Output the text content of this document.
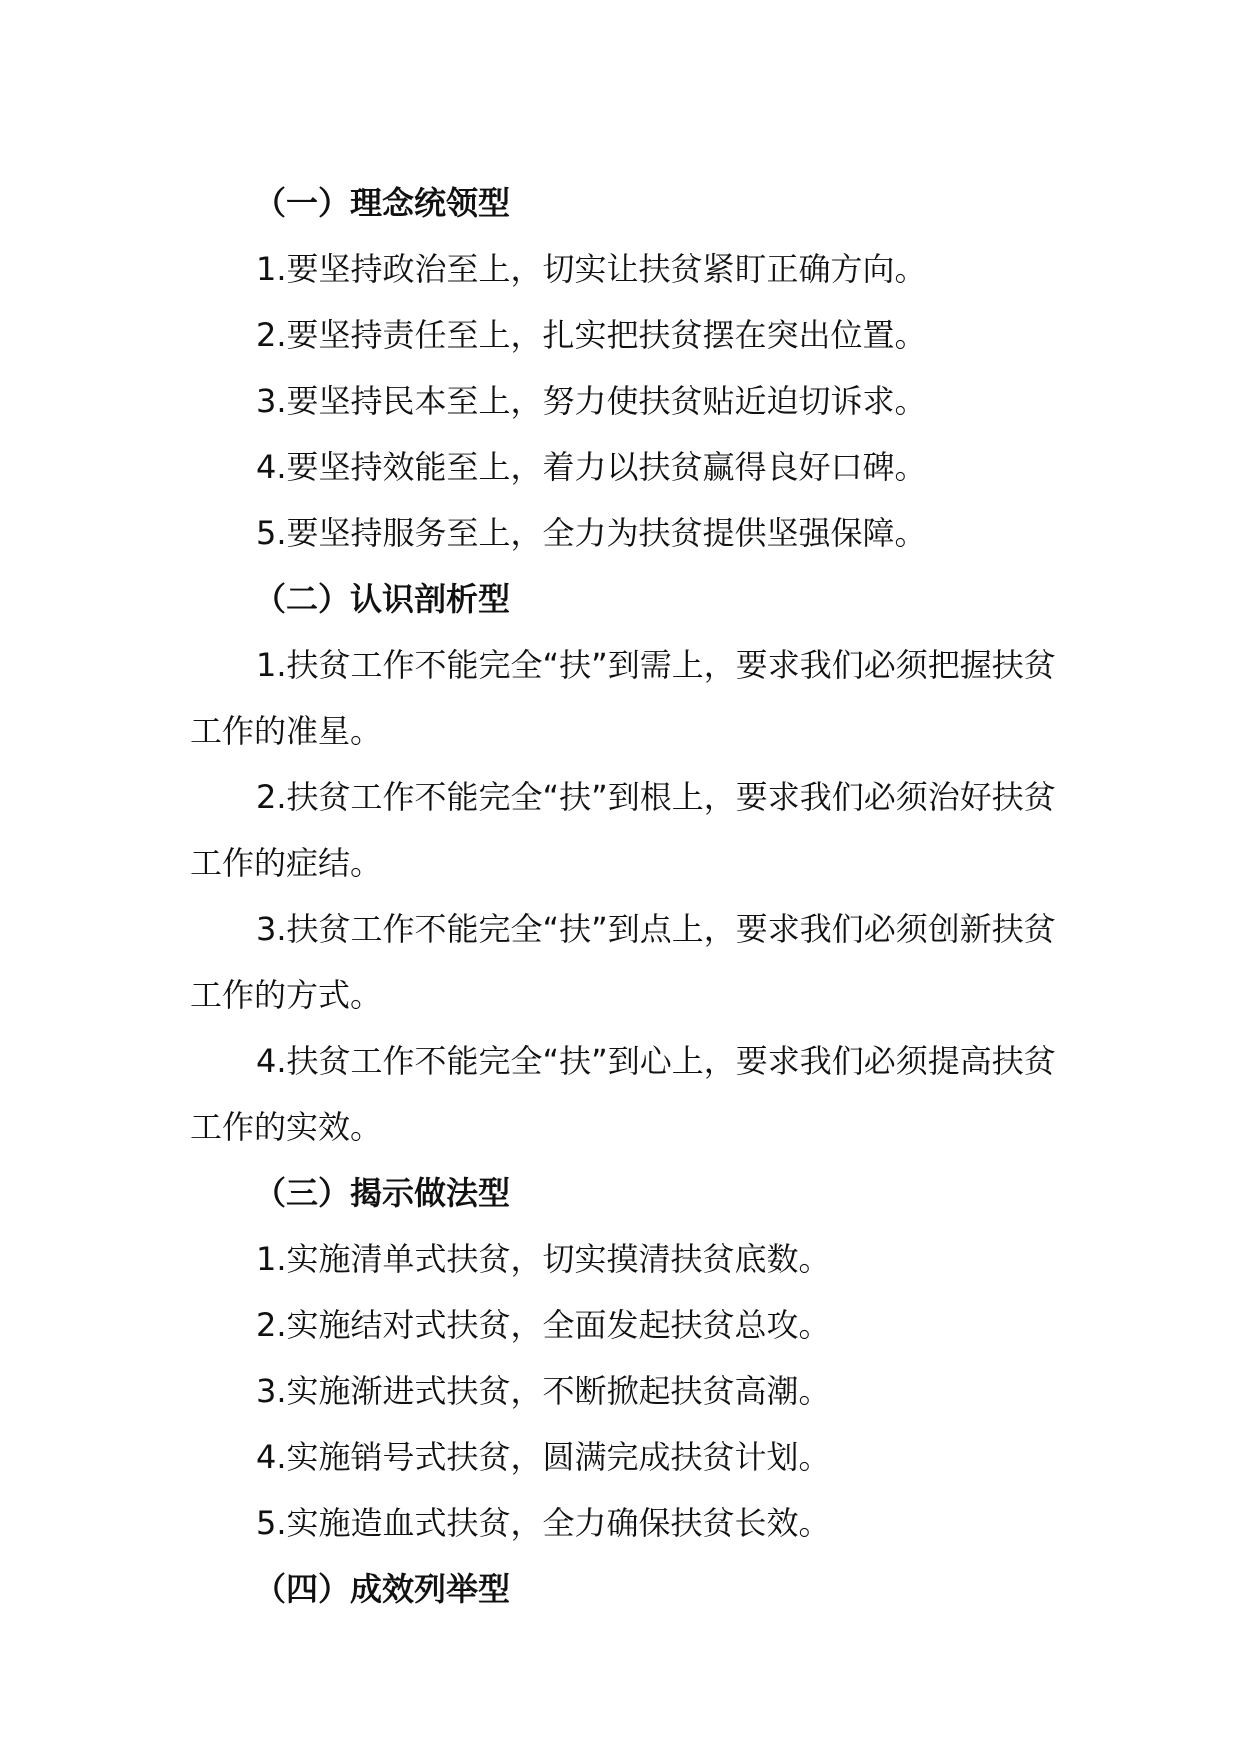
（一）理念统领型

1.要坚持政治至上，切实让扶贫紧盯正确方向。

2.要坚持责任至上，扎实把扶贫摆在突出位置。

3.要坚持民本至上，努力使扶贫贴近迫切诉求。

4.要坚持效能至上，着力以扶贫赢得良好口碑。

5.要坚持服务至上，全力为扶贫提供坚强保障。

（二）认识剖析型

1.扶贫工作不能完全“扶”到需上，要求我们必须把握扶贫工作的准星。

2.扶贫工作不能完全“扶”到根上，要求我们必须治好扶贫工作的症结。

3.扶贫工作不能完全“扶”到点上，要求我们必须创新扶贫工作的方式。

4.扶贫工作不能完全“扶”到心上，要求我们必须提高扶贫工作的实效。

（三）揭示做法型

1.实施清单式扶贫，切实摸清扶贫底数。

2.实施结对式扶贫，全面发起扶贫总攻。

3.实施渐进式扶贫，不断掀起扶贫高潮。

4.实施销号式扶贫，圆满完成扶贫计划。

5.实施造血式扶贫，全力确保扶贫长效。

（四）成效列举型
